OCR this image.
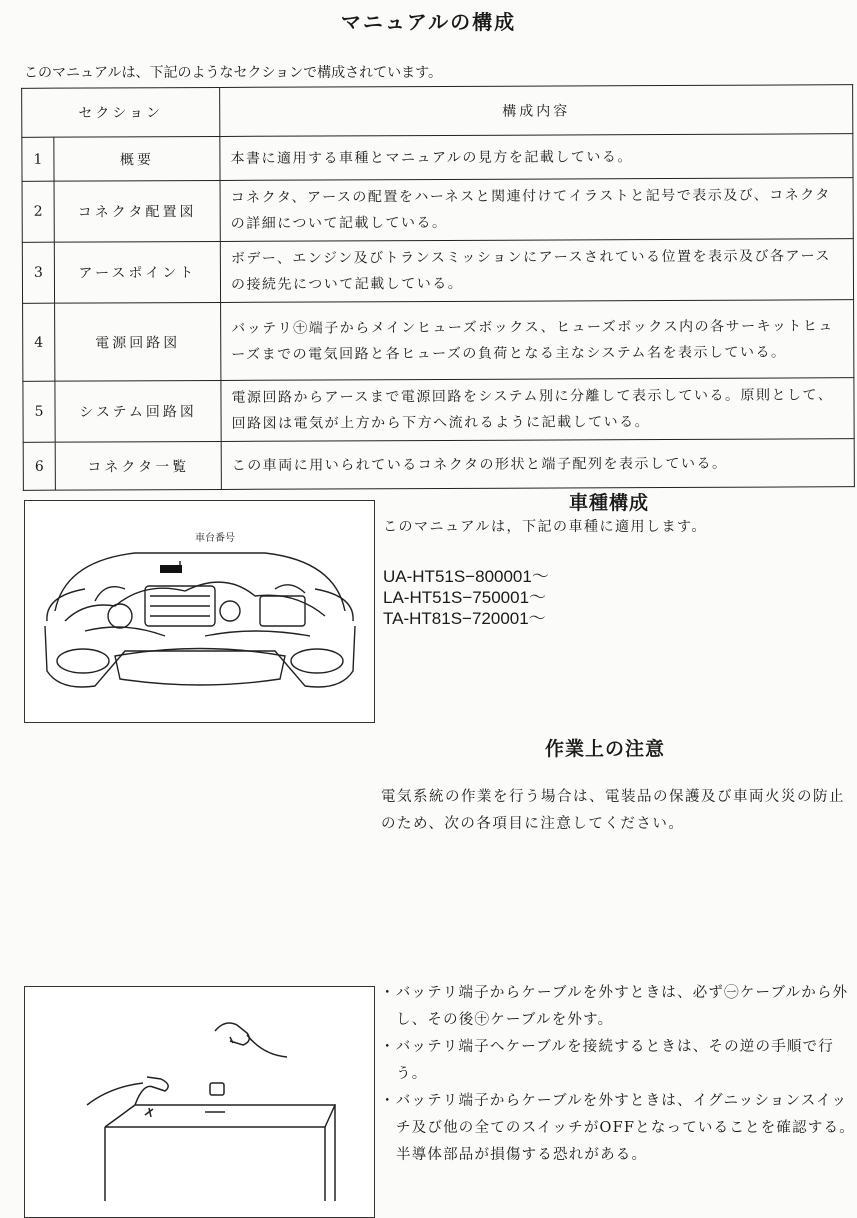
マニュアルの構成
このマニュアルは、下記のようなセクションで構成されています。
セクション		構成内容
1	概要	本書に適用する車種とマニュアルの見方を記載している。
2	コネクタ配置図	コネクタ、アースの配置をハーネスと関連付けてイラストと記号で表示及び、コネクタの詳細について記載している。
3	アースポイント	ボデー、エンジン及びトランスミッションにアースされている位置を表示及び各アースの接続先について記載している。
4	電源回路図	バッテリ㊉端子からメインヒューズボックス、ヒューズボックス内の各サーキットヒューズまでの電気回路と各ヒューズの負荷となる主なシステム名を表示している。
5	システム回路図	電源回路からアースまで電源回路をシステム別に分離して表示している。原則として、回路図は電気が上方から下方へ流れるように記載している。
6	コネクタ一覧	この車両に用いられているコネクタの形状と端子配列を表示している。
車台番号
車種構成
このマニュアルは，下記の車種に適用します。
UA-HT51S−800001〜
LA-HT51S−750001〜
TA-HT81S−720001〜
作業上の注意
電気系統の作業を行う場合は、電装品の保護及び車両火災の防止のため、次の各項目に注意してください。
・バッテリ端子からケーブルを外すときは、必ず㊀ケーブルから外し、その後㊉ケーブルを外す。
・バッテリ端子へケーブルを接続するときは、その逆の手順で行う。
・バッテリ端子からケーブルを外すときは、イグニッションスイッチ及び他の全てのスイッチがOFFとなっていることを確認する。半導体部品が損傷する恐れがある。
